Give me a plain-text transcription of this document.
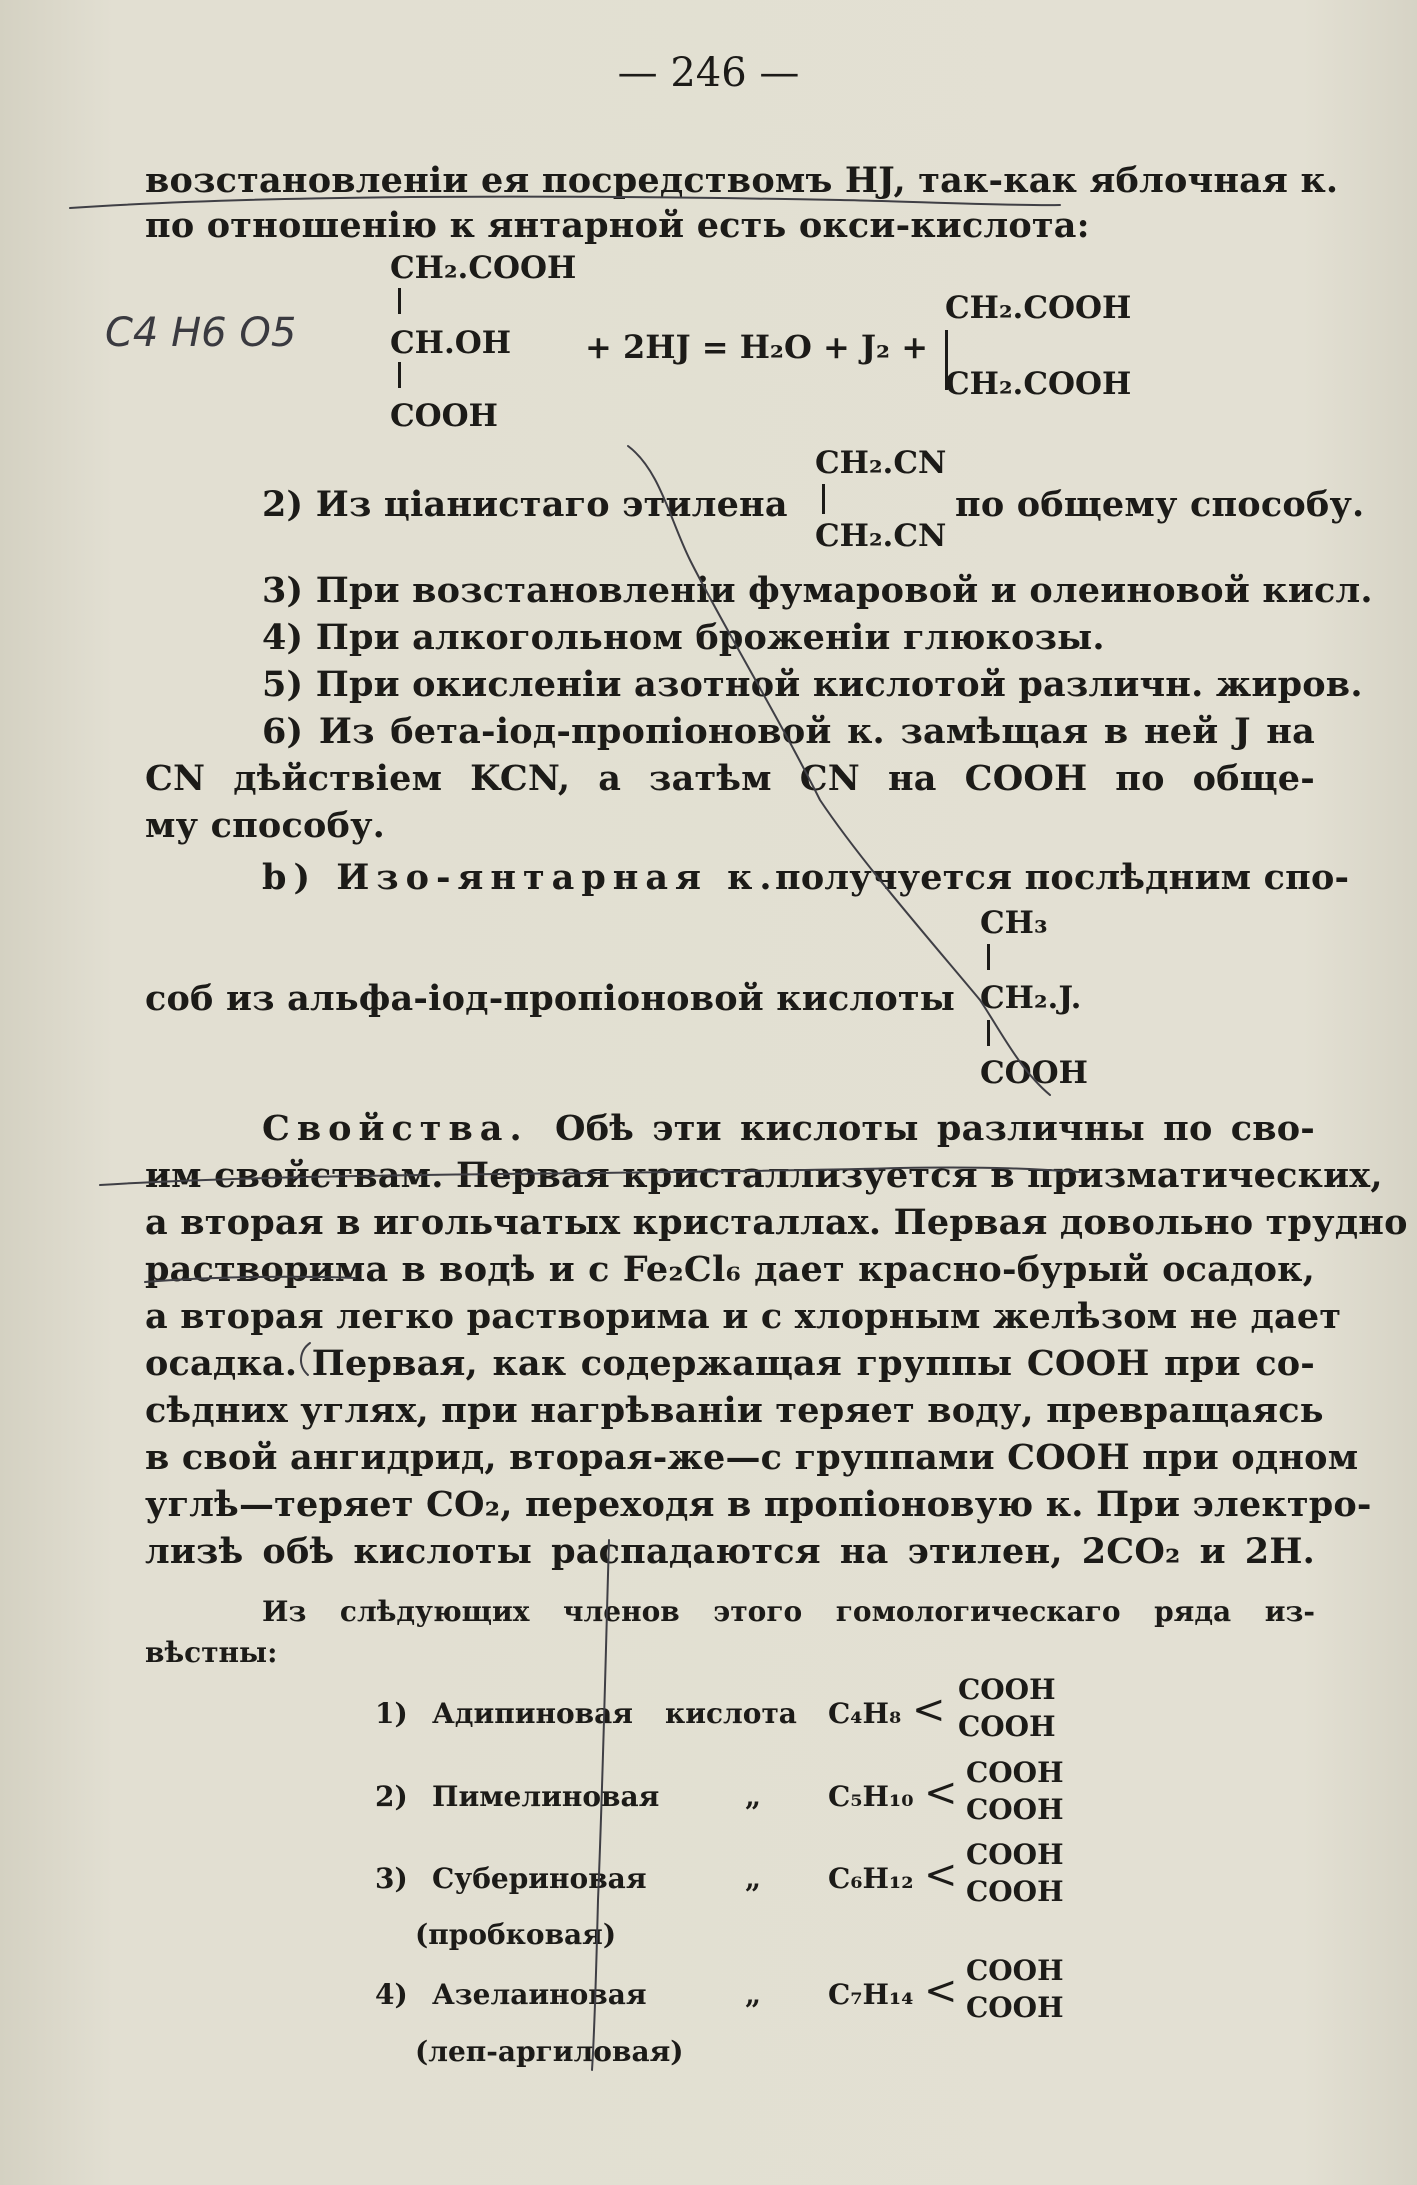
— 246 —
возстановленіи ея посредствомъ HJ, так-как яблочная к.
по отношенію к янтарной есть окси-кислота:
С4 Н6 О5
CH₂.COOH
CH.OH
COOH
+ 2HJ = H₂O + J₂ +
CH₂.COOH
CH₂.COOH
2) Из ціанистаго этилена
CH₂.CN
CH₂.CN
по общему способу.
3) При возстановленіи фумаровой и олеиновой кисл.
4) При алкогольном броженіи глюкозы.
5) При окисленіи азотной кислотой различн. жиров.
6) Из бета-іод-пропіоновой к. замѣщая в ней J на
CN дѣйствіем KCN, а затѣм CN на COOH по обще-
му способу.
b) Изо-янтарная к.
получуется послѣдним спо-
CH₃
соб из альфа-іод-пропіоновой кислоты CH₂.J.
COOH
Свойства. Обѣ эти кислоты различны по сво-
им свойствам. Первая кристаллизуется в призматических,
а вторая в игольчатых кристаллах. Первая довольно трудно
растворима в водѣ и с Fe₂Cl₆ дает красно-бурый осадок,
а вторая легко растворима и с хлорным желѣзом не дает
осадка. Первая, как содержащая группы COOH при со-
сѣдних углях, при нагрѣваніи теряет воду, превращаясь
в свой ангидрид, вторая-же—с группами COOH при одном
углѣ—теряет CO₂, переходя в пропіоновую к. При электро-
лизѣ обѣ кислоты распадаются на этилен, 2CO₂ и 2H.
Из слѣдующих членов этого гомологическаго ряда из-
вѣстны:
1) Адипиновая кислота C₄H₈ < COOH
COOH
2) Пимелиновая	„ C₅H₁₀ < COOH
COOH
3) Субериновая	„ C₆H₁₂ < COOH
COOH
(пробковая)
4) Азелаиновая	„ C₇H₁₄ < COOH
COOH
(леп-аргиловая)
